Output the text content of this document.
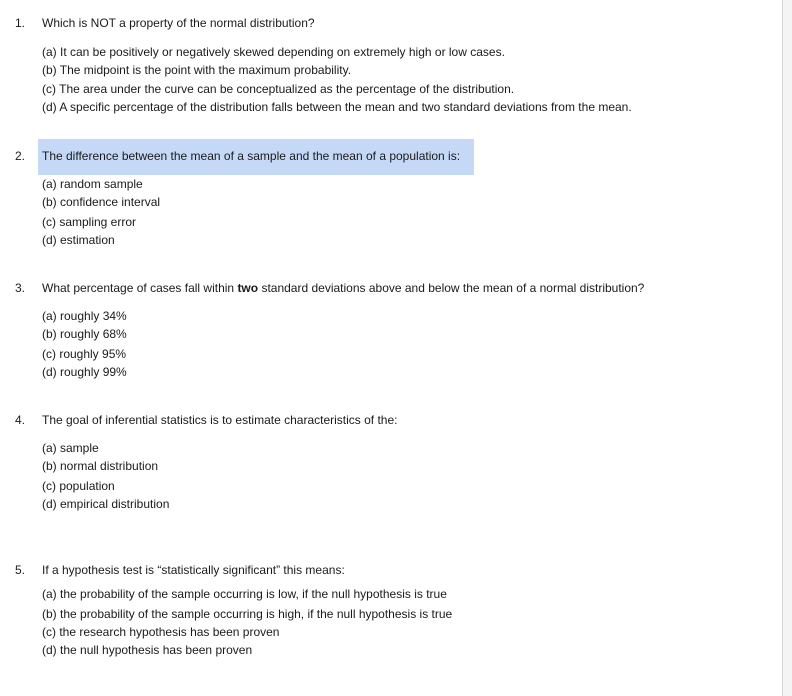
1. Which is NOT a property of the normal distribution?
(a) It can be positively or negatively skewed depending on extremely high or low cases.
(b) The midpoint is the point with the maximum probability.
(c) The area under the curve can be conceptualized as the percentage of the distribution.
(d) A specific percentage of the distribution falls between the mean and two standard deviations from the mean.
2. The difference between the mean of a sample and the mean of a population is:
(a) random sample
(b) confidence interval
(c) sampling error
(d) estimation
3. What percentage of cases fall within two standard deviations above and below the mean of a normal distribution?
(a) roughly 34%
(b) roughly 68%
(c) roughly 95%
(d) roughly 99%
4. The goal of inferential statistics is to estimate characteristics of the:
(a) sample
(b) normal distribution
(c) population
(d) empirical distribution
5. If a hypothesis test is “statistically significant” this means:
(a) the probability of the sample occurring is low, if the null hypothesis is true
(b) the probability of the sample occurring is high, if the null hypothesis is true
(c) the research hypothesis has been proven
(d) the null hypothesis has been proven
